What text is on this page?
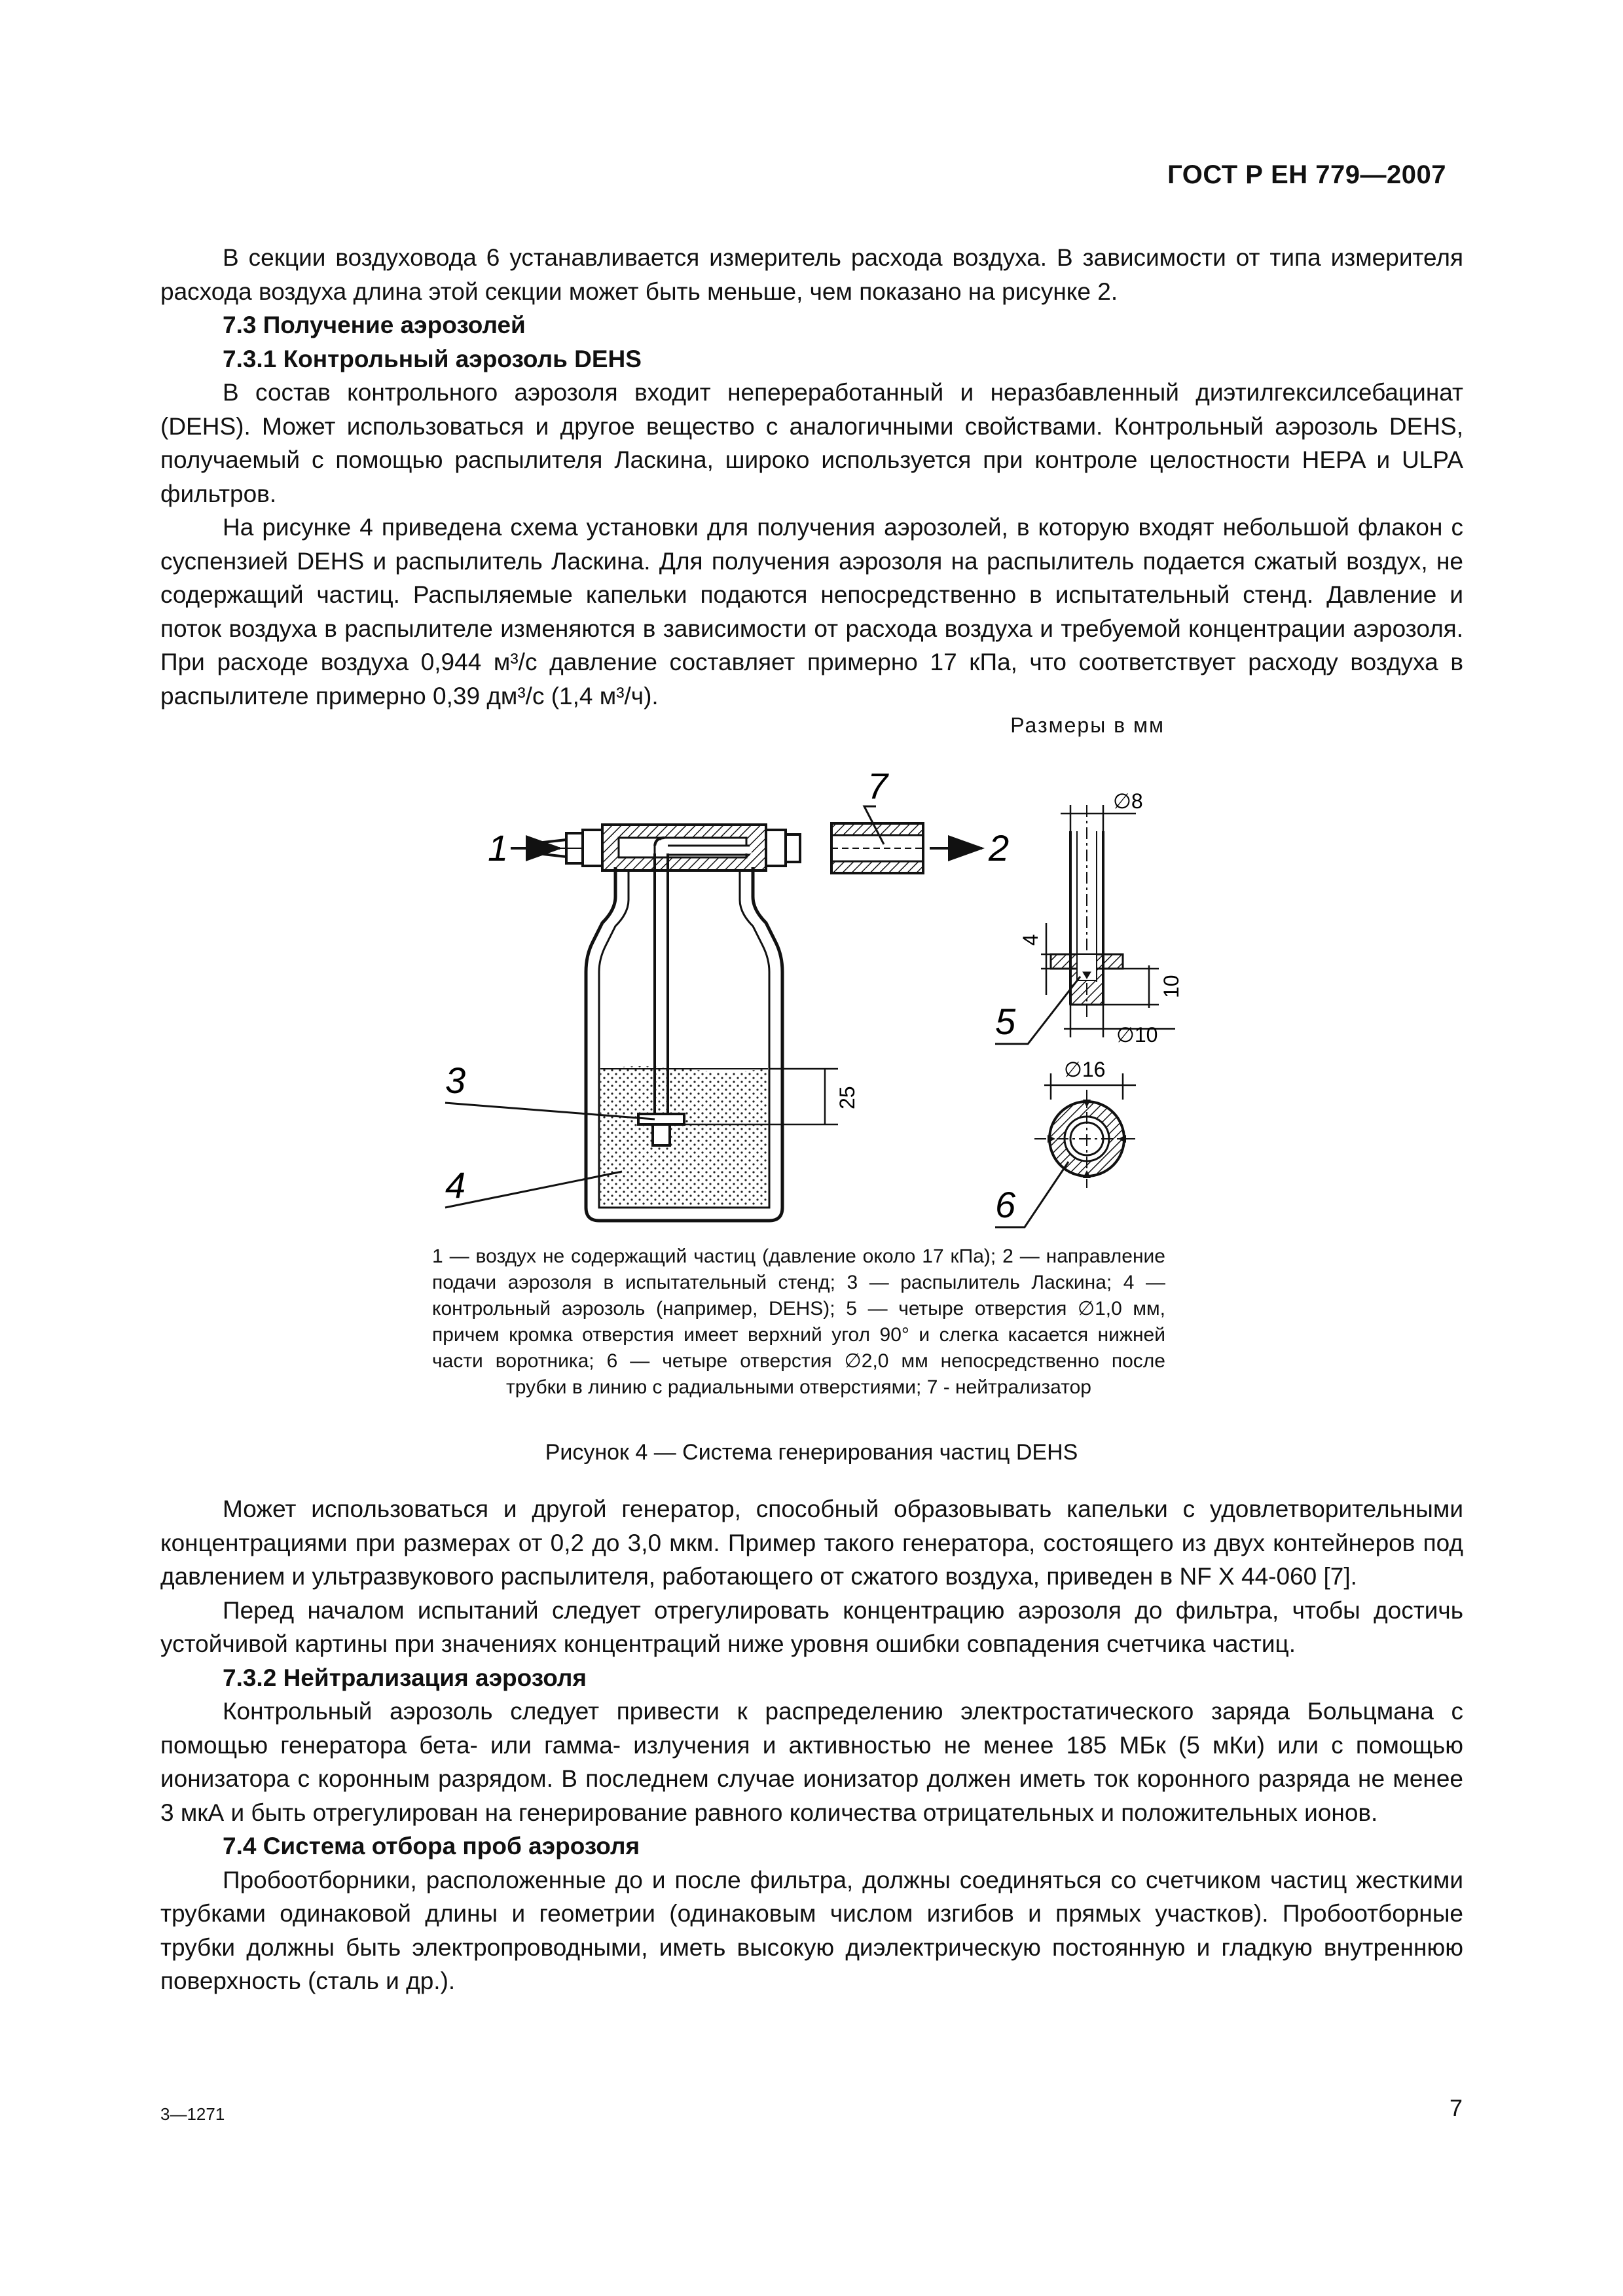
ГОСТ Р ЕН 779—2007

В секции воздуховода 6 устанавливается измеритель расхода воздуха. В зависимости от типа измерителя расхода воздуха длина этой секции может быть меньше, чем показано на рисунке 2.

7.3 Получение аэрозолей
7.3.1 Контрольный аэрозоль DEHS

В состав контрольного аэрозоля входит непереработанный и неразбавленный диэтилгексилсебацинат (DEHS). Может использоваться и другое вещество с аналогичными свойствами. Контрольный аэрозоль DEHS, получаемый с помощью распылителя Ласкина, широко используется при контроле целостности HEPA и ULPA фильтров.

На рисунке 4 приведена схема установки для получения аэрозолей, в которую входят небольшой флакон с суспензией DEHS и распылитель Ласкина. Для получения аэрозоля на распылитель подается сжатый воздух, не содержащий частиц. Распыляемые капельки подаются непосредственно в испытательный стенд. Давление и поток воздуха в распылителе изменяются в зависимости от расхода воздуха и требуемой концентрации аэрозоля. При расходе воздуха 0,944 м³/с давление составляет примерно 17 кПа, что соответствует расходу воздуха в распылителе примерно 0,39 дм³/с (1,4 м³/ч).

Размеры в мм
1
7
2
3
4
25
∅8
4
10
∅10
5
∅16
6
1 — воздух не содержащий частиц (давление около 17 кПа); 2 — направление подачи аэрозоля в испытательный стенд; 3 — распылитель Ласкина; 4 — контрольный аэрозоль (например, DEHS); 5 — четыре отверстия ∅1,0 мм, причем кромка отверстия имеет верхний угол 90° и слегка касается нижней части воротника; 6 — четыре отверстия ∅2,0 мм непосредственно после трубки в линию с радиальными отверстиями; 7 - нейтрализатор
Рисунок 4 — Система генерирования частиц DEHS

Может использоваться и другой генератор, способный образовывать капельки с удовлетворительными концентрациями при размерах от 0,2 до 3,0 мкм. Пример такого генератора, состоящего из двух контейнеров под давлением и ультразвукового распылителя, работающего от сжатого воздуха, приведен в NF X 44-060 [7].

Перед началом испытаний следует отрегулировать концентрацию аэрозоля до фильтра, чтобы достичь устойчивой картины при значениях концентраций ниже уровня ошибки совпадения счетчика частиц.

7.3.2 Нейтрализация аэрозоля

Контрольный аэрозоль следует привести к распределению электростатического заряда Больцмана с помощью генератора бета- или гамма- излучения и активностью не менее 185 МБк (5 мКи) или с помощью ионизатора с коронным разрядом. В последнем случае ионизатор должен иметь ток коронного разряда не менее 3 мкА и быть отрегулирован на генерирование равного количества отрицательных и положительных ионов.

7.4 Система отбора проб аэрозоля

Пробоотборники, расположенные до и после фильтра, должны соединяться со счетчиком частиц жесткими трубками одинаковой длины и геометрии (одинаковым числом изгибов и прямых участков). Пробоотборные трубки должны быть электропроводными, иметь высокую диэлектрическую постоянную и гладкую внутреннюю поверхность (сталь и др.).

3—1271	7
